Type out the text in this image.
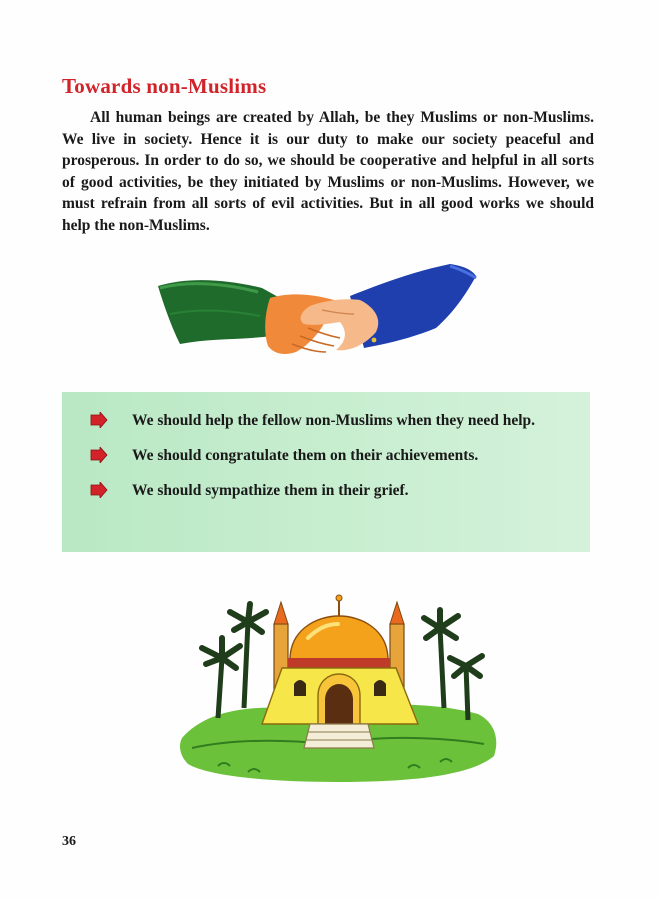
Towards non-Muslims

All human beings are created by Allah, be they Muslims or non-Muslims. We live in society. Hence it is our duty to make our society peaceful and prosperous. In order to do so, we should be cooperative and helpful in all sorts of good activities, be they initiated by Muslims or non-Muslims. However, we must refrain from all sorts of evil activities. But in all good works we should help the non-Muslims.

We should help the fellow non-Muslims when they need help.
We should congratulate them on their achievements.
We should sympathize them in their grief.
36
